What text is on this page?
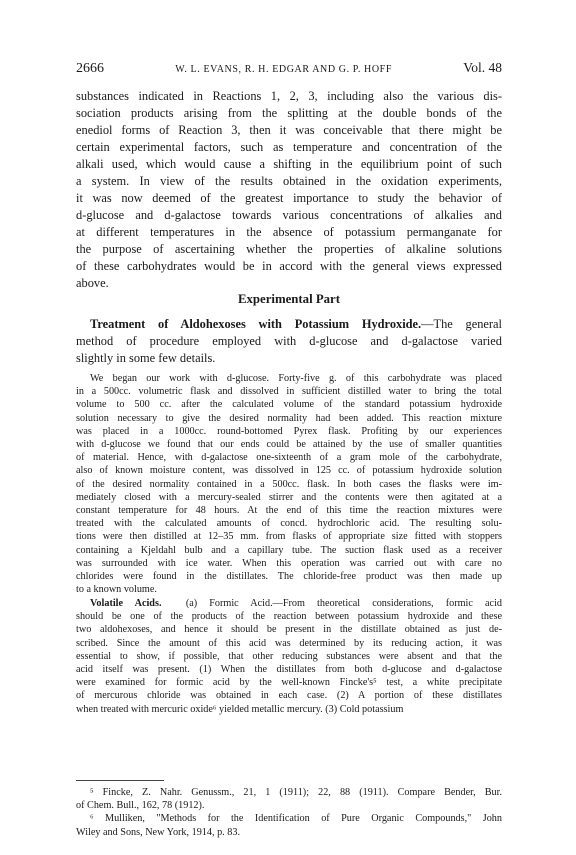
2666	W. L. EVANS, R. H. EDGAR AND G. P. HOFF	Vol. 48

substances indicated in Reactions 1, 2, 3, including also the various dis-
sociation products arising from the splitting at the double bonds of the
enediol forms of Reaction 3, then it was conceivable that there might be
certain experimental factors, such as temperature and concentration of the
alkali used, which would cause a shifting in the equilibrium point of such
a system. In view of the results obtained in the oxidation experiments,
it was now deemed of the greatest importance to study the behavior of
d-glucose and d-galactose towards various concentrations of alkalies and
at different temperatures in the absence of potassium permanganate for
the purpose of ascertaining whether the properties of alkaline solutions
of these carbohydrates would be in accord with the general views expressed
above.

Experimental Part

Treatment of Aldohexoses with Potassium Hydroxide.—The general
method of procedure employed with d-glucose and d-galactose varied
slightly in some few details.

We began our work with d-glucose. Forty-five g. of this carbohydrate was placed
in a 500cc. volumetric flask and dissolved in sufficient distilled water to bring the total
volume to 500 cc. after the calculated volume of the standard potassium hydroxide
solution necessary to give the desired normality had been added. This reaction mixture
was placed in a 1000cc. round-bottomed Pyrex flask. Profiting by our experiences
with d-glucose we found that our ends could be attained by the use of smaller quantities
of material. Hence, with d-galactose one-sixteenth of a gram mole of the carbohydrate,
also of known moisture content, was dissolved in 125 cc. of potassium hydroxide solution
of the desired normality contained in a 500cc. flask. In both cases the flasks were im-
mediately closed with a mercury-sealed stirrer and the contents were then agitated at a
constant temperature for 48 hours. At the end of this time the reaction mixtures were
treated with the calculated amounts of concd. hydrochloric acid. The resulting solu-
tions were then distilled at 12–35 mm. from flasks of appropriate size fitted with stoppers
containing a Kjeldahl bulb and a capillary tube. The suction flask used as a receiver
was surrounded with ice water. When this operation was carried out with care no
chlorides were found in the distillates. The chloride-free product was then made up
to a known volume.

Volatile Acids. (a) Formic Acid.—From theoretical considerations, formic acid
should be one of the products of the reaction between potassium hydroxide and these
two aldohexoses, and hence it should be present in the distillate obtained as just de-
scribed. Since the amount of this acid was determined by its reducing action, it was
essential to show, if possible, that other reducing substances were absent and that the
acid itself was present. (1) When the distillates from both d-glucose and d-galactose
were examined for formic acid by the well-known Fincke's⁵ test, a white precipitate
of mercurous chloride was obtained in each case. (2) A portion of these distillates
when treated with mercuric oxide⁶ yielded metallic mercury. (3) Cold potassium

⁵ Fincke, Z. Nahr. Genussm., 21, 1 (1911); 22, 88 (1911). Compare Bender, Bur.
of Chem. Bull., 162, 78 (1912).
⁶ Mulliken, "Methods for the Identification of Pure Organic Compounds," John
Wiley and Sons, New York, 1914, p. 83.
